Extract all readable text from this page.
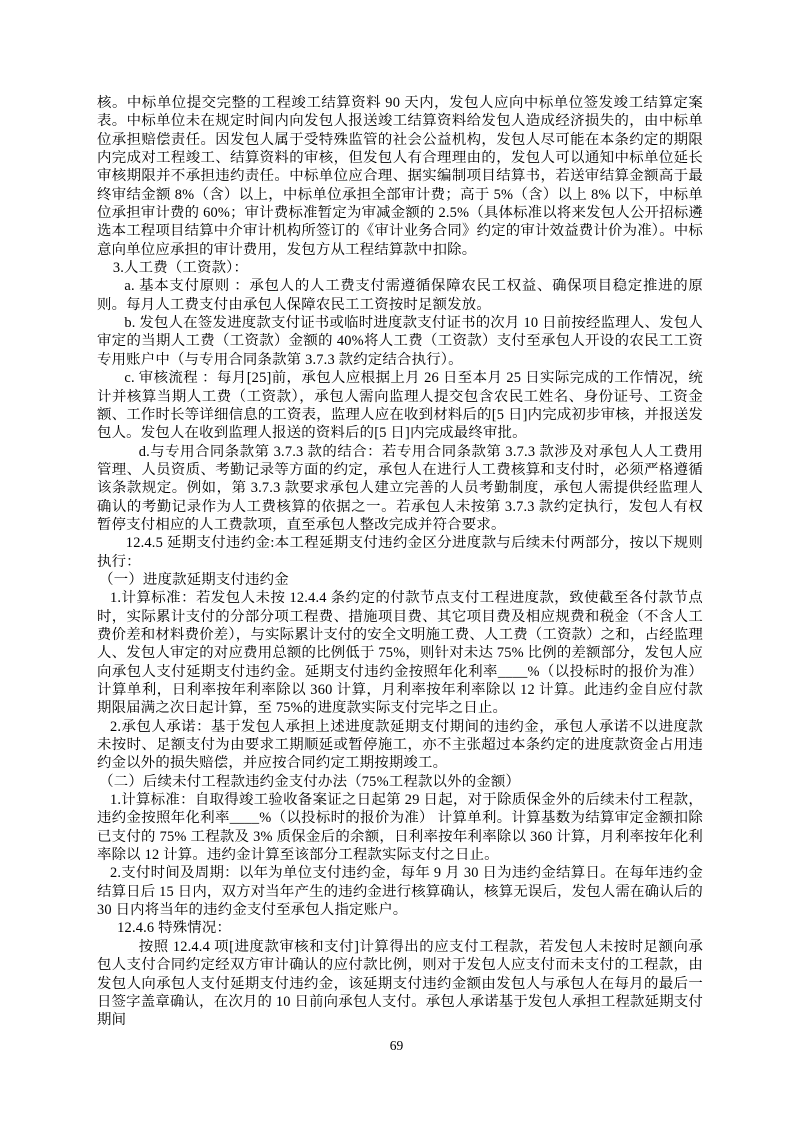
核。中标单位提交完整的工程竣工结算资料 90 天内，发包人应向中标单位签发竣工结算定案表。中标单位未在规定时间内向发包人报送竣工结算资料给发包人造成经济损失的，由中标单位承担赔偿责任。因发包人属于受特殊监管的社会公益机构，发包人尽可能在本条约定的期限内完成对工程竣工、结算资料的审核，但发包人有合理理由的，发包人可以通知中标单位延长审核期限并不承担违约责任。中标单位应合理、据实编制项目结算书，若送审结算金额高于最终审结金额 8%（含）以上，中标单位承担全部审计费；高于 5%（含）以上 8% 以下，中标单位承担审计费的 60%；审计费标准暂定为审减金额的 2.5%（具体标准以将来发包人公开招标遴选本工程项目结算中介审计机构所签订的《审计业务合同》约定的审计效益费计价为准）。中标意向单位应承担的审计费用，发包方从工程结算款中扣除。

3.人工费（工资款）：

a. 基本支付原则 ：承包人的人工费支付需遵循保障农民工权益、确保项目稳定推进的原则。每月人工费支付由承包人保障农民工工资按时足额发放。

b. 发包人在签发进度款支付证书或临时进度款支付证书的次月 10 日前按经监理人、发包人审定的当期人工费（工资款）金额的 40%将人工费（工资款）支付至承包人开设的农民工工资专用账户中（与专用合同条款第 3.7.3 款约定结合执行）。

c. 审核流程 ：每月[25]前，承包人应根据上月 26 日至本月 25 日实际完成的工作情况，统计并核算当期人工费（工资款），承包人需向监理人提交包含农民工姓名、身份证号、工资金额、工作时长等详细信息的工资表，监理人应在收到材料后的[5 日]内完成初步审核，并报送发包人。发包人在收到监理人报送的资料后的[5 日]内完成最终审批。

d.与专用合同条款第 3.7.3 款的结合：若专用合同条款第 3.7.3 款涉及对承包人人工费用管理、人员资质、考勤记录等方面的约定，承包人在进行人工费核算和支付时，必须严格遵循该条款规定。例如，第 3.7.3 款要求承包人建立完善的人员考勤制度，承包人需提供经监理人确认的考勤记录作为人工费核算的依据之一。若承包人未按第 3.7.3 款约定执行，发包人有权暂停支付相应的人工费款项，直至承包人整改完成并符合要求。

12.4.5 延期支付违约金:本工程延期支付违约金区分进度款与后续未付两部分，按以下规则执行：

（一）进度款延期支付违约金

1.计算标准：若发包人未按 12.4.4 条约定的付款节点支付工程进度款，致使截至各付款节点时，实际累计支付的分部分项工程费、措施项目费、其它项目费及相应规费和税金（不含人工费价差和材料费价差），与实际累计支付的安全文明施工费、人工费（工资款）之和，占经监理人、发包人审定的对应费用总额的比例低于 75%，则针对未达 75% 比例的差额部分，发包人应向承包人支付延期支付违约金。延期支付违约金按照年化利率____%（以投标时的报价为准） 计算单利，日利率按年利率除以 360 计算，月利率按年利率除以 12 计算。此违约金自应付款期限届满之次日起计算，至 75%的进度款实际支付完毕之日止。

2.承包人承诺：基于发包人承担上述进度款延期支付期间的违约金，承包人承诺不以进度款未按时、足额支付为由要求工期顺延或暂停施工，亦不主张超过本条约定的进度款资金占用违约金以外的损失赔偿，并应按合同约定工期按期竣工。

（二）后续未付工程款违约金支付办法（75%工程款以外的金额）

1.计算标准：自取得竣工验收备案证之日起第 29 日起，对于除质保金外的后续未付工程款，违约金按照年化利率____%（以投标时的报价为准） 计算单利。计算基数为结算审定金额扣除已支付的 75% 工程款及 3% 质保金后的余额，日利率按年利率除以 360 计算，月利率按年化利率除以 12 计算。违约金计算至该部分工程款实际支付之日止。

2.支付时间及周期：以年为单位支付违约金，每年 9 月 30 日为违约金结算日。在每年违约金结算日后 15 日内，双方对当年产生的违约金进行核算确认，核算无误后，发包人需在确认后的 30 日内将当年的违约金支付至承包人指定账户。

12.4.6 特殊情况：

按照 12.4.4 项[进度款审核和支付]计算得出的应支付工程款，若发包人未按时足额向承包人支付合同约定经双方审计确认的应付款比例，则对于发包人应支付而未支付的工程款，由发包人向承包人支付延期支付违约金，该延期支付违约金额由发包人与承包人在每月的最后一日签字盖章确认，在次月的 10 日前向承包人支付。承包人承诺基于发包人承担工程款延期支付期间

69
